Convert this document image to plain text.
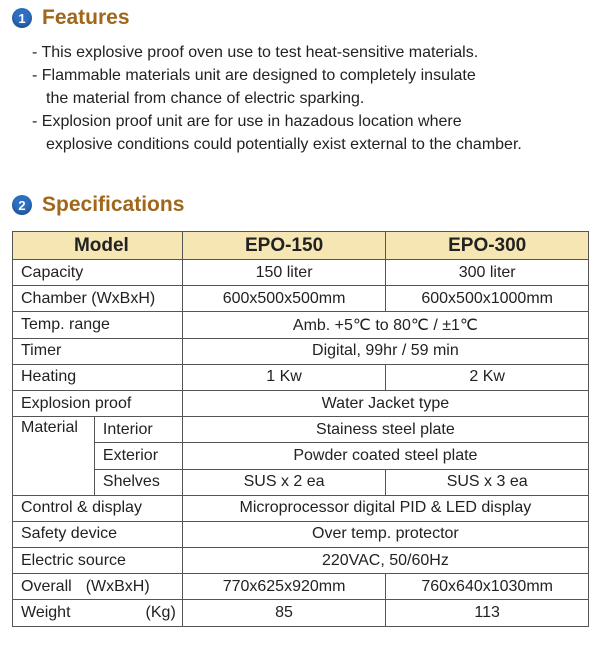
1 Features
- This explosive proof oven use to test heat-sensitive materials.
- Flammable materials unit are designed to completely insulate
the material from chance of electric sparking.
- Explosion proof unit are for use in hazadous location where
explosive conditions could potentially exist external to the chamber.
2 Specifications
Model		EPO-150	EPO-300
Capacity		150 liter	300 liter
Chamber (WxBxH)		600x500x500mm	600x500x1000mm
Temp. range		Amb. +5℃ to 80℃ / ±1℃	
Timer		Digital, 99hr / 59 min	
Heating		1 Kw	2 Kw
Explosion proof		Water Jacket type	
Material	Interior	Stainess steel plate	
	Exterior	Powder coated steel plate	
	Shelves	SUS x 2 ea	SUS x 3 ea
Control & display		Microprocessor digital PID & LED display	
Safety device		Over temp. protector	
Electric source		220VAC, 50/60Hz	
Overall (WxBxH)		770x625x920mm	760x640x1030mm
Weight (Kg)		85	113
